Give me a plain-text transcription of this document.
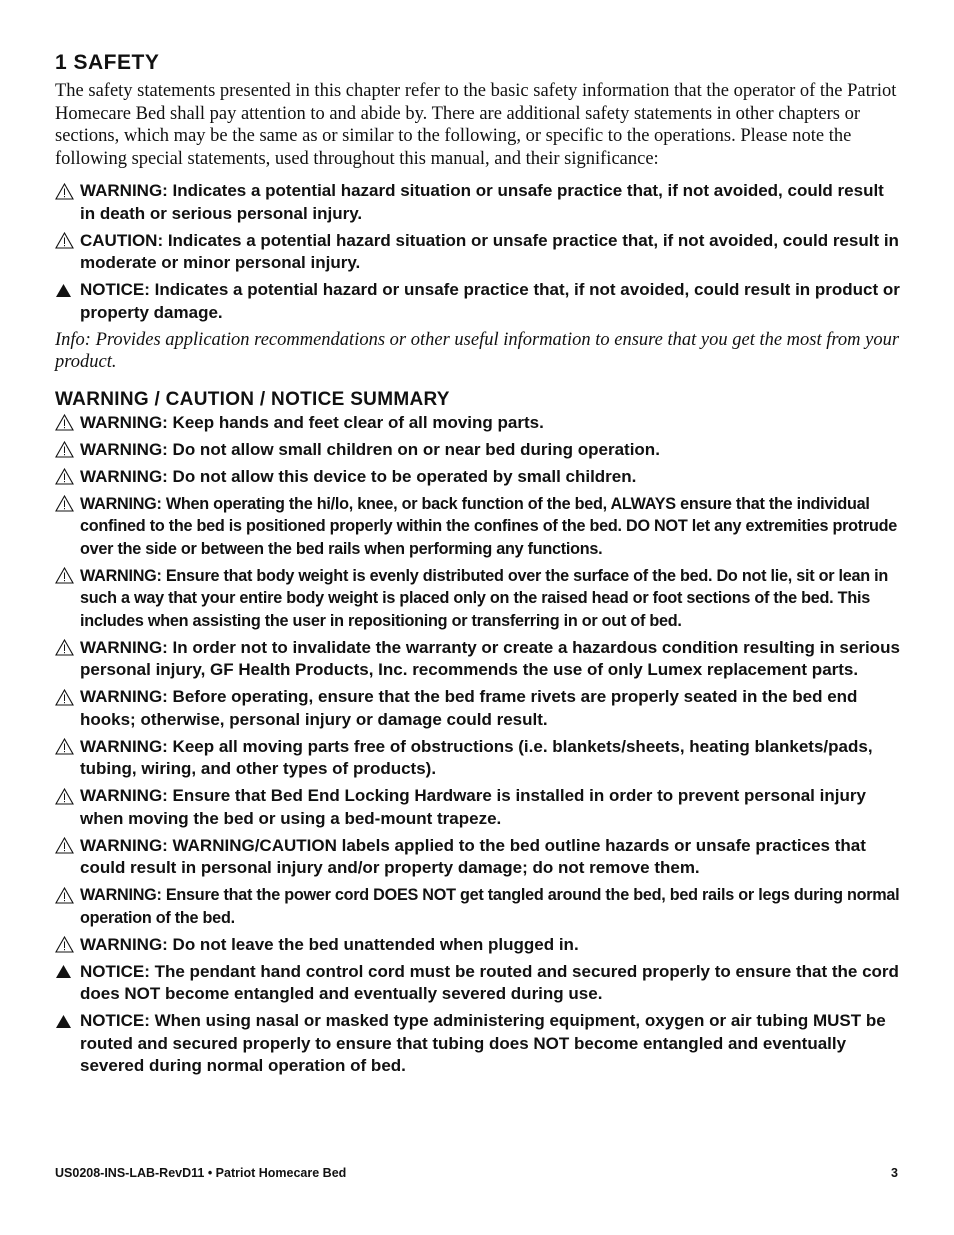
1 SAFETY

The safety statements presented in this chapter refer to the basic safety information that the operator of the Patriot Homecare Bed shall pay attention to and abide by. There are additional safety statements in other chapters or sections, which may be the same as or similar to the following, or specific to the operations. Please note the following special statements, used throughout this manual, and their significance:

WARNING: Indicates a potential hazard situation or unsafe practice that, if not avoided, could result in death or serious personal injury.
CAUTION: Indicates a potential hazard situation or unsafe practice that, if not avoided, could result in moderate or minor personal injury.
NOTICE: Indicates a potential hazard or unsafe practice that, if not avoided, could result in product or property damage.

Info: Provides application recommendations or other useful information to ensure that you get the most from your product.

WARNING / CAUTION / NOTICE SUMMARY
WARNING: Keep hands and feet clear of all moving parts.
WARNING: Do not allow small children on or near bed during operation.
WARNING: Do not allow this device to be operated by small children.
WARNING: When operating the hi/lo, knee, or back function of the bed, ALWAYS ensure that the individual confined to the bed is positioned properly within the confines of the bed. DO NOT let any extremities protrude over the side or between the bed rails when performing any functions.
WARNING: Ensure that body weight is evenly distributed over the surface of the bed. Do not lie, sit or lean in such a way that your entire body weight is placed only on the raised head or foot sections of the bed. This includes when assisting the user in repositioning or transferring in or out of bed.
WARNING: In order not to invalidate the warranty or create a hazardous condition resulting in serious personal injury, GF Health Products, Inc. recommends the use of only Lumex replacement parts.
WARNING: Before operating, ensure that the bed frame rivets are properly seated in the bed end hooks; otherwise, personal injury or damage could result.
WARNING: Keep all moving parts free of obstructions (i.e. blankets/sheets, heating blankets/pads, tubing, wiring, and other types of products).
WARNING: Ensure that Bed End Locking Hardware is installed in order to prevent personal injury when moving the bed or using a bed-mount trapeze.
WARNING: WARNING/CAUTION labels applied to the bed outline hazards or unsafe practices that could result in personal injury and/or property damage; do not remove them.
WARNING: Ensure that the power cord DOES NOT get tangled around the bed, bed rails or legs during normal operation of the bed.
WARNING: Do not leave the bed unattended when plugged in.
NOTICE: The pendant hand control cord must be routed and secured properly to ensure that the cord does NOT become entangled and eventually severed during use.
NOTICE: When using nasal or masked type administering equipment, oxygen or air tubing MUST be routed and secured properly to ensure that tubing does NOT become entangled and eventually severed during normal operation of bed.
US0208-INS-LAB-RevD11 • Patriot Homecare Bed	3
